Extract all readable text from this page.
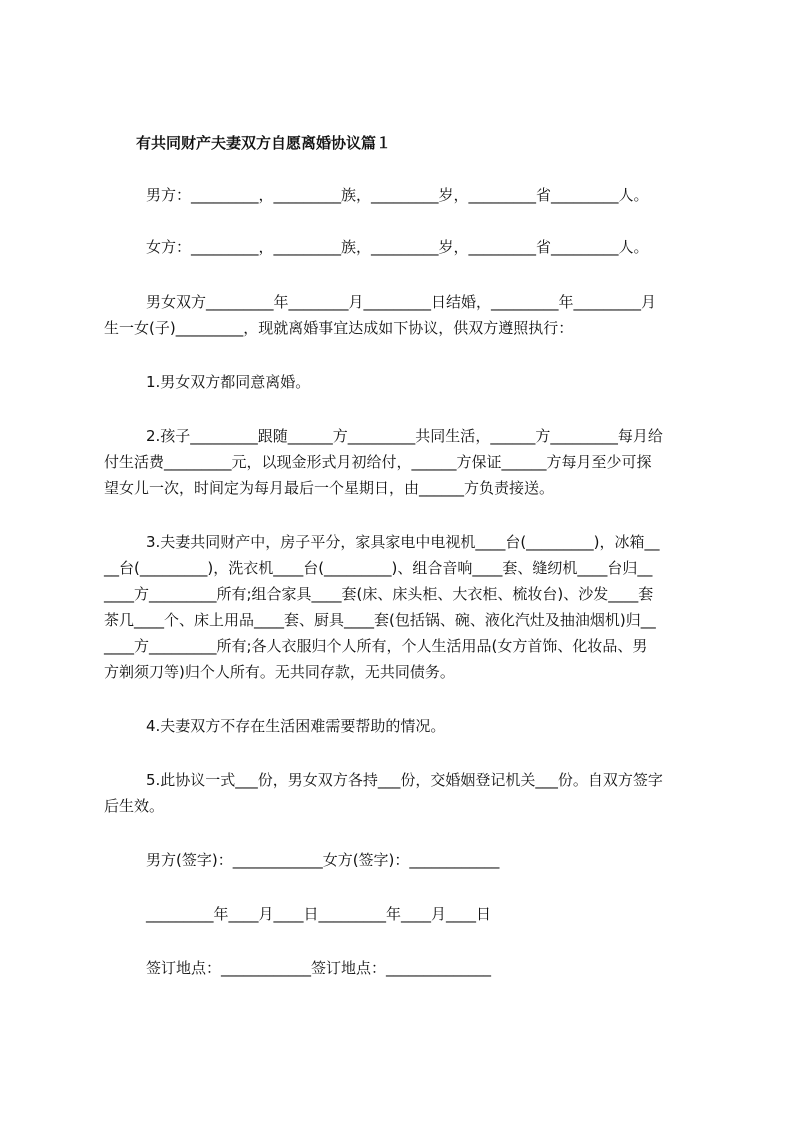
有共同财产夫妻双方自愿离婚协议篇１
男方：_________，_________族，_________岁，_________省_________人。
女方：_________，_________族，_________岁，_________省_________人。
男女双方_________年________月_________日结婚，_________年_________月
生一女(子)_________，现就离婚事宜达成如下协议，供双方遵照执行：
1.男女双方都同意离婚。
2.孩子_________跟随______方_________共同生活，______方_________每月给
付生活费_________元，以现金形式月初给付，______方保证______方每月至少可探
望女儿一次，时间定为每月最后一个星期日，由______方负责接送。
3.夫妻共同财产中，房子平分，家具家电中电视机____台(_________)，冰箱__
__台(_________)，洗衣机____台(_________)、组合音响____套、缝纫机____台归__
____方_________所有;组合家具____套(床、床头柜、大衣柜、梳妆台)、沙发____套
茶几____个、床上用品____套、厨具____套(包括锅、碗、液化汽灶及抽油烟机)归__
____方_________所有;各人衣服归个人所有，个人生活用品(女方首饰、化妆品、男
方剃须刀等)归个人所有。无共同存款，无共同债务。
4.夫妻双方不存在生活困难需要帮助的情况。
5.此协议一式___份，男女双方各持___份，交婚姻登记机关___份。自双方签字
后生效。
男方(签字)：____________女方(签字)：____________
_________年____月____日_________年____月____日
签订地点：____________签订地点：______________
